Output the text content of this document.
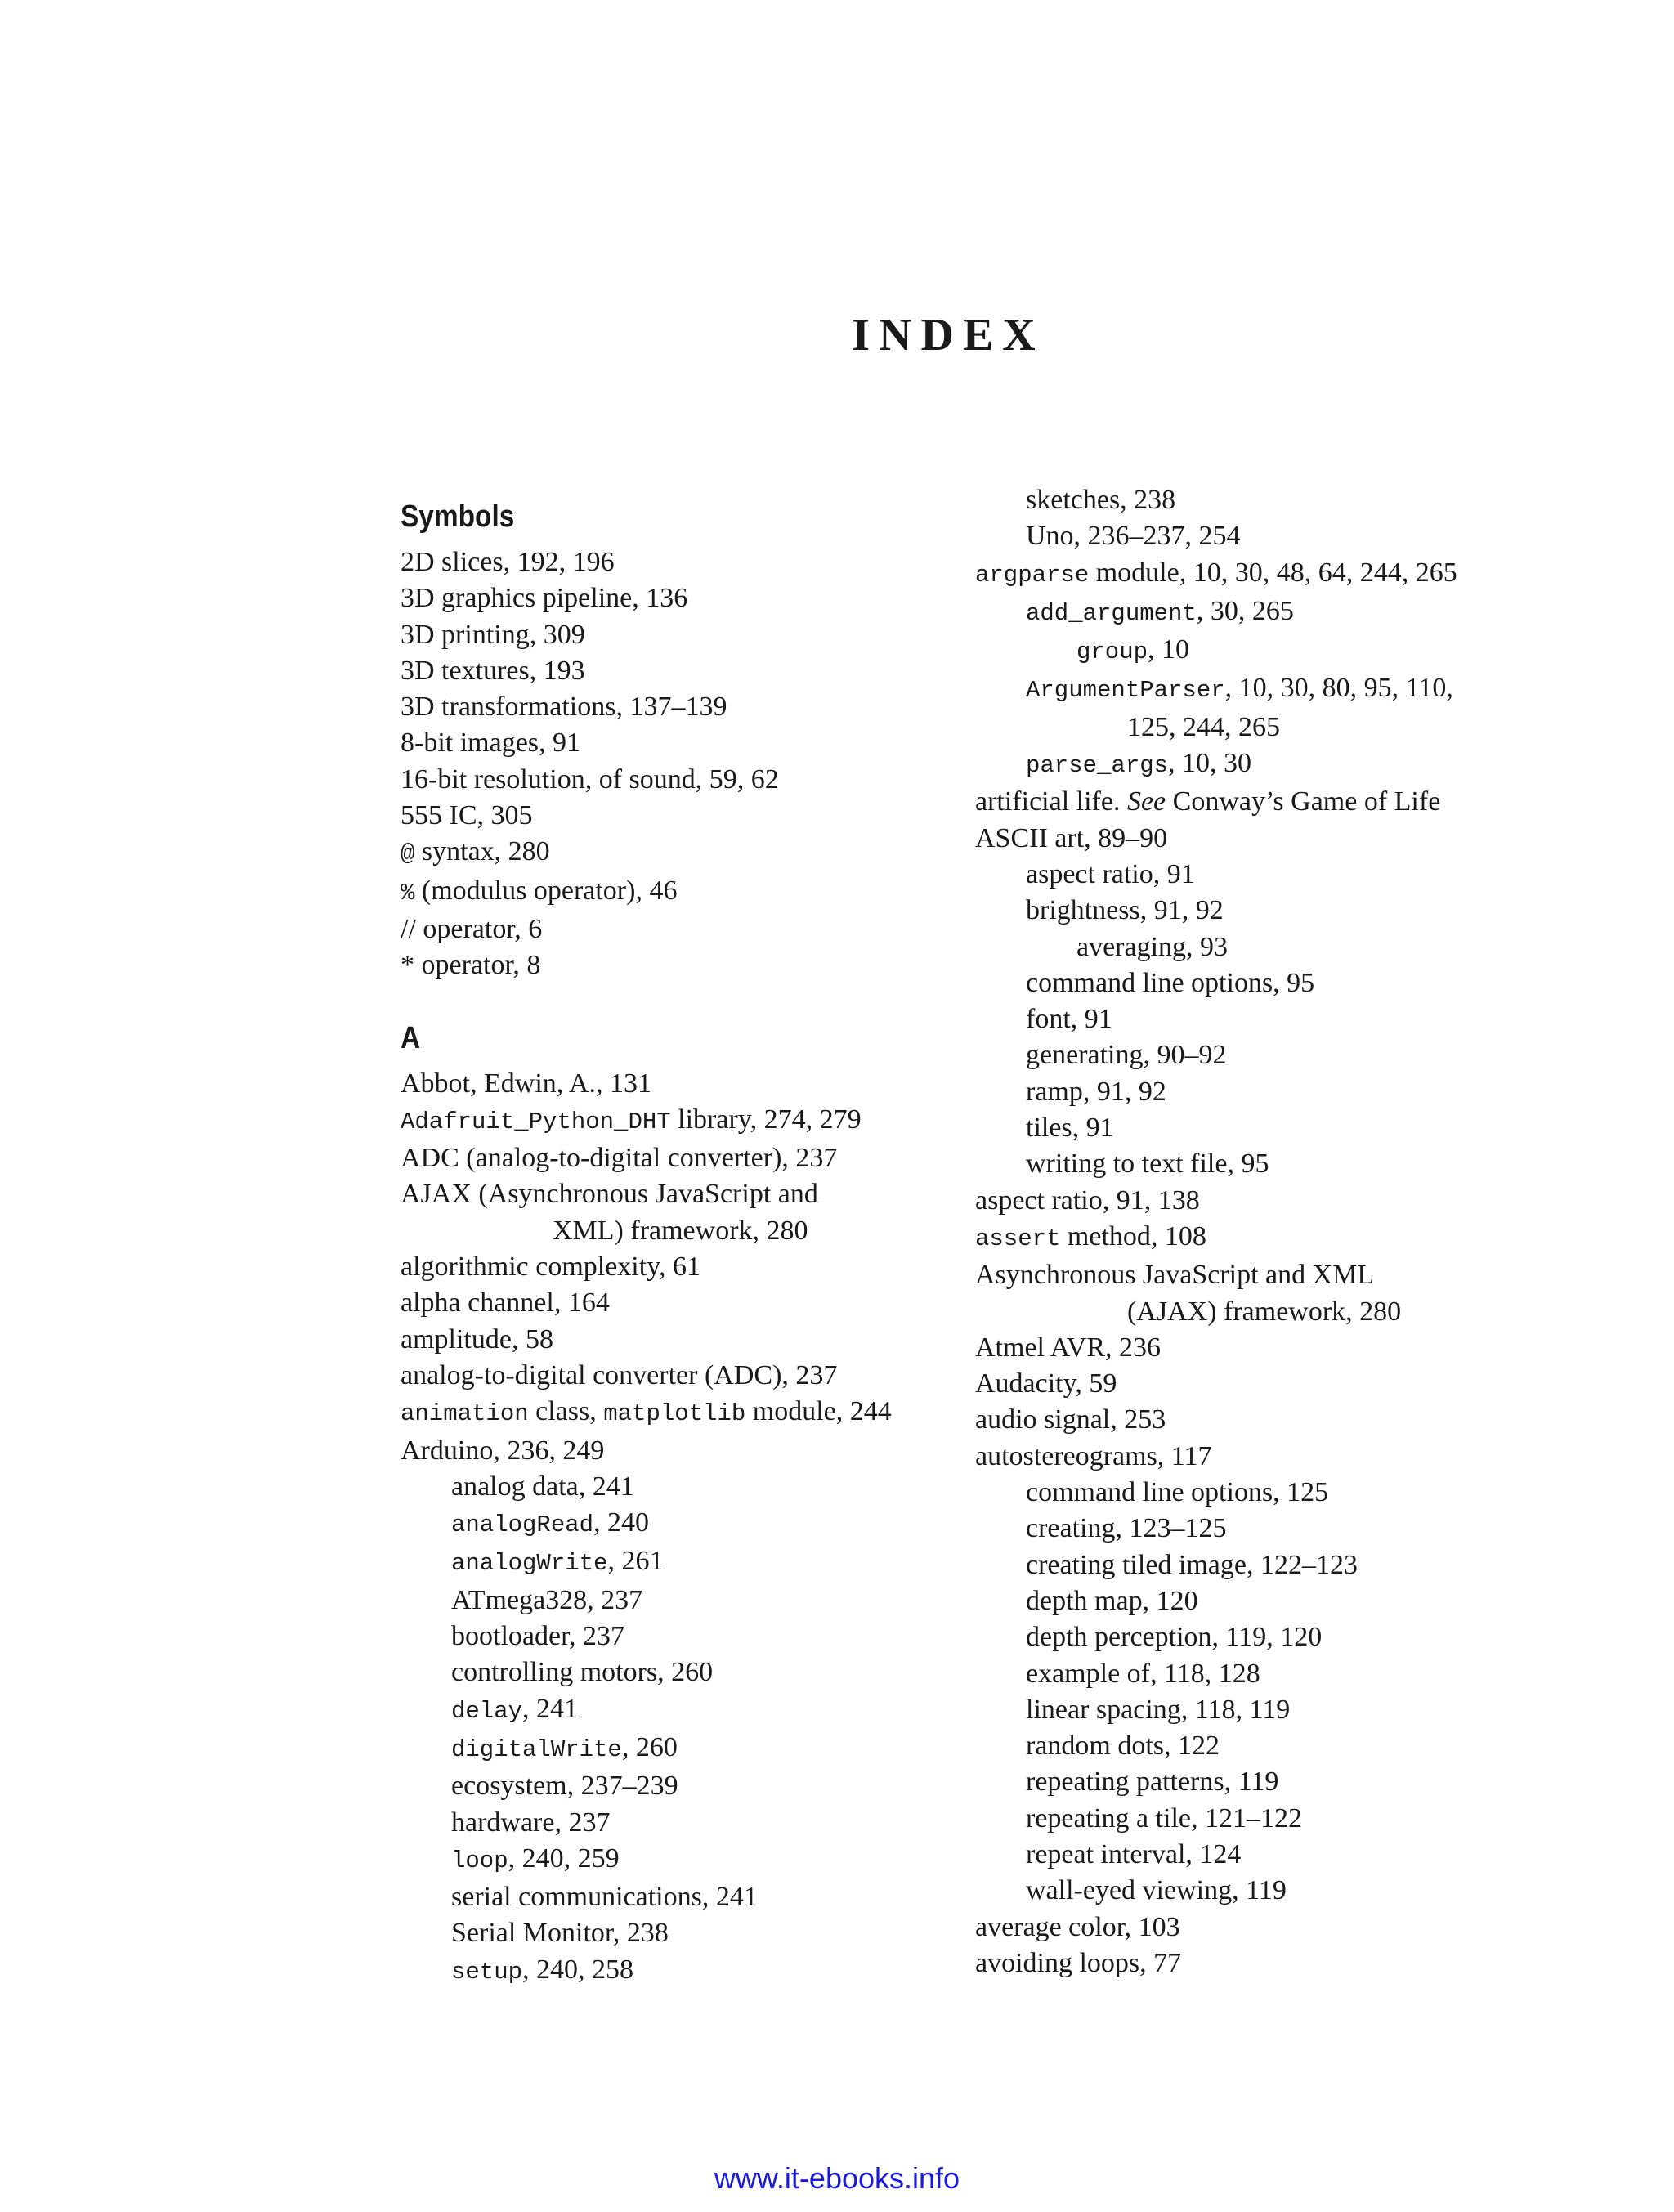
INDEX
Symbols
2D slices, 192, 196
3D graphics pipeline, 136
3D printing, 309
3D textures, 193
3D transformations, 137–139
8-bit images, 91
16-bit resolution, of sound, 59, 62
555 IC, 305
@ syntax, 280
% (modulus operator), 46
// operator, 6
* operator, 8
A
Abbot, Edwin, A., 131
Adafruit_Python_DHT library, 274, 279
ADC (analog-to-digital converter), 237
AJAX (Asynchronous JavaScript and
XML) framework, 280
algorithmic complexity, 61
alpha channel, 164
amplitude, 58
analog-to-digital converter (ADC), 237
animation class, matplotlib module, 244
Arduino, 236, 249
analog data, 241
analogRead, 240
analogWrite, 261
ATmega328, 237
bootloader, 237
controlling motors, 260
delay, 241
digitalWrite, 260
ecosystem, 237–239
hardware, 237
loop, 240, 259
serial communications, 241
Serial Monitor, 238
setup, 240, 258
sketches, 238
Uno, 236–237, 254
argparse module, 10, 30, 48, 64, 244, 265
add_argument, 30, 265
group, 10
ArgumentParser, 10, 30, 80, 95, 110,
125, 244, 265
parse_args, 10, 30
artificial life. See Conway’s Game of Life
ASCII art, 89–90
aspect ratio, 91
brightness, 91, 92
averaging, 93
command line options, 95
font, 91
generating, 90–92
ramp, 91, 92
tiles, 91
writing to text file, 95
aspect ratio, 91, 138
assert method, 108
Asynchronous JavaScript and XML
(AJAX) framework, 280
Atmel AVR, 236
Audacity, 59
audio signal, 253
autostereograms, 117
command line options, 125
creating, 123–125
creating tiled image, 122–123
depth map, 120
depth perception, 119, 120
example of, 118, 128
linear spacing, 118, 119
random dots, 122
repeating patterns, 119
repeating a tile, 121–122
repeat interval, 124
wall-eyed viewing, 119
average color, 103
avoiding loops, 77
www.it-ebooks.info
